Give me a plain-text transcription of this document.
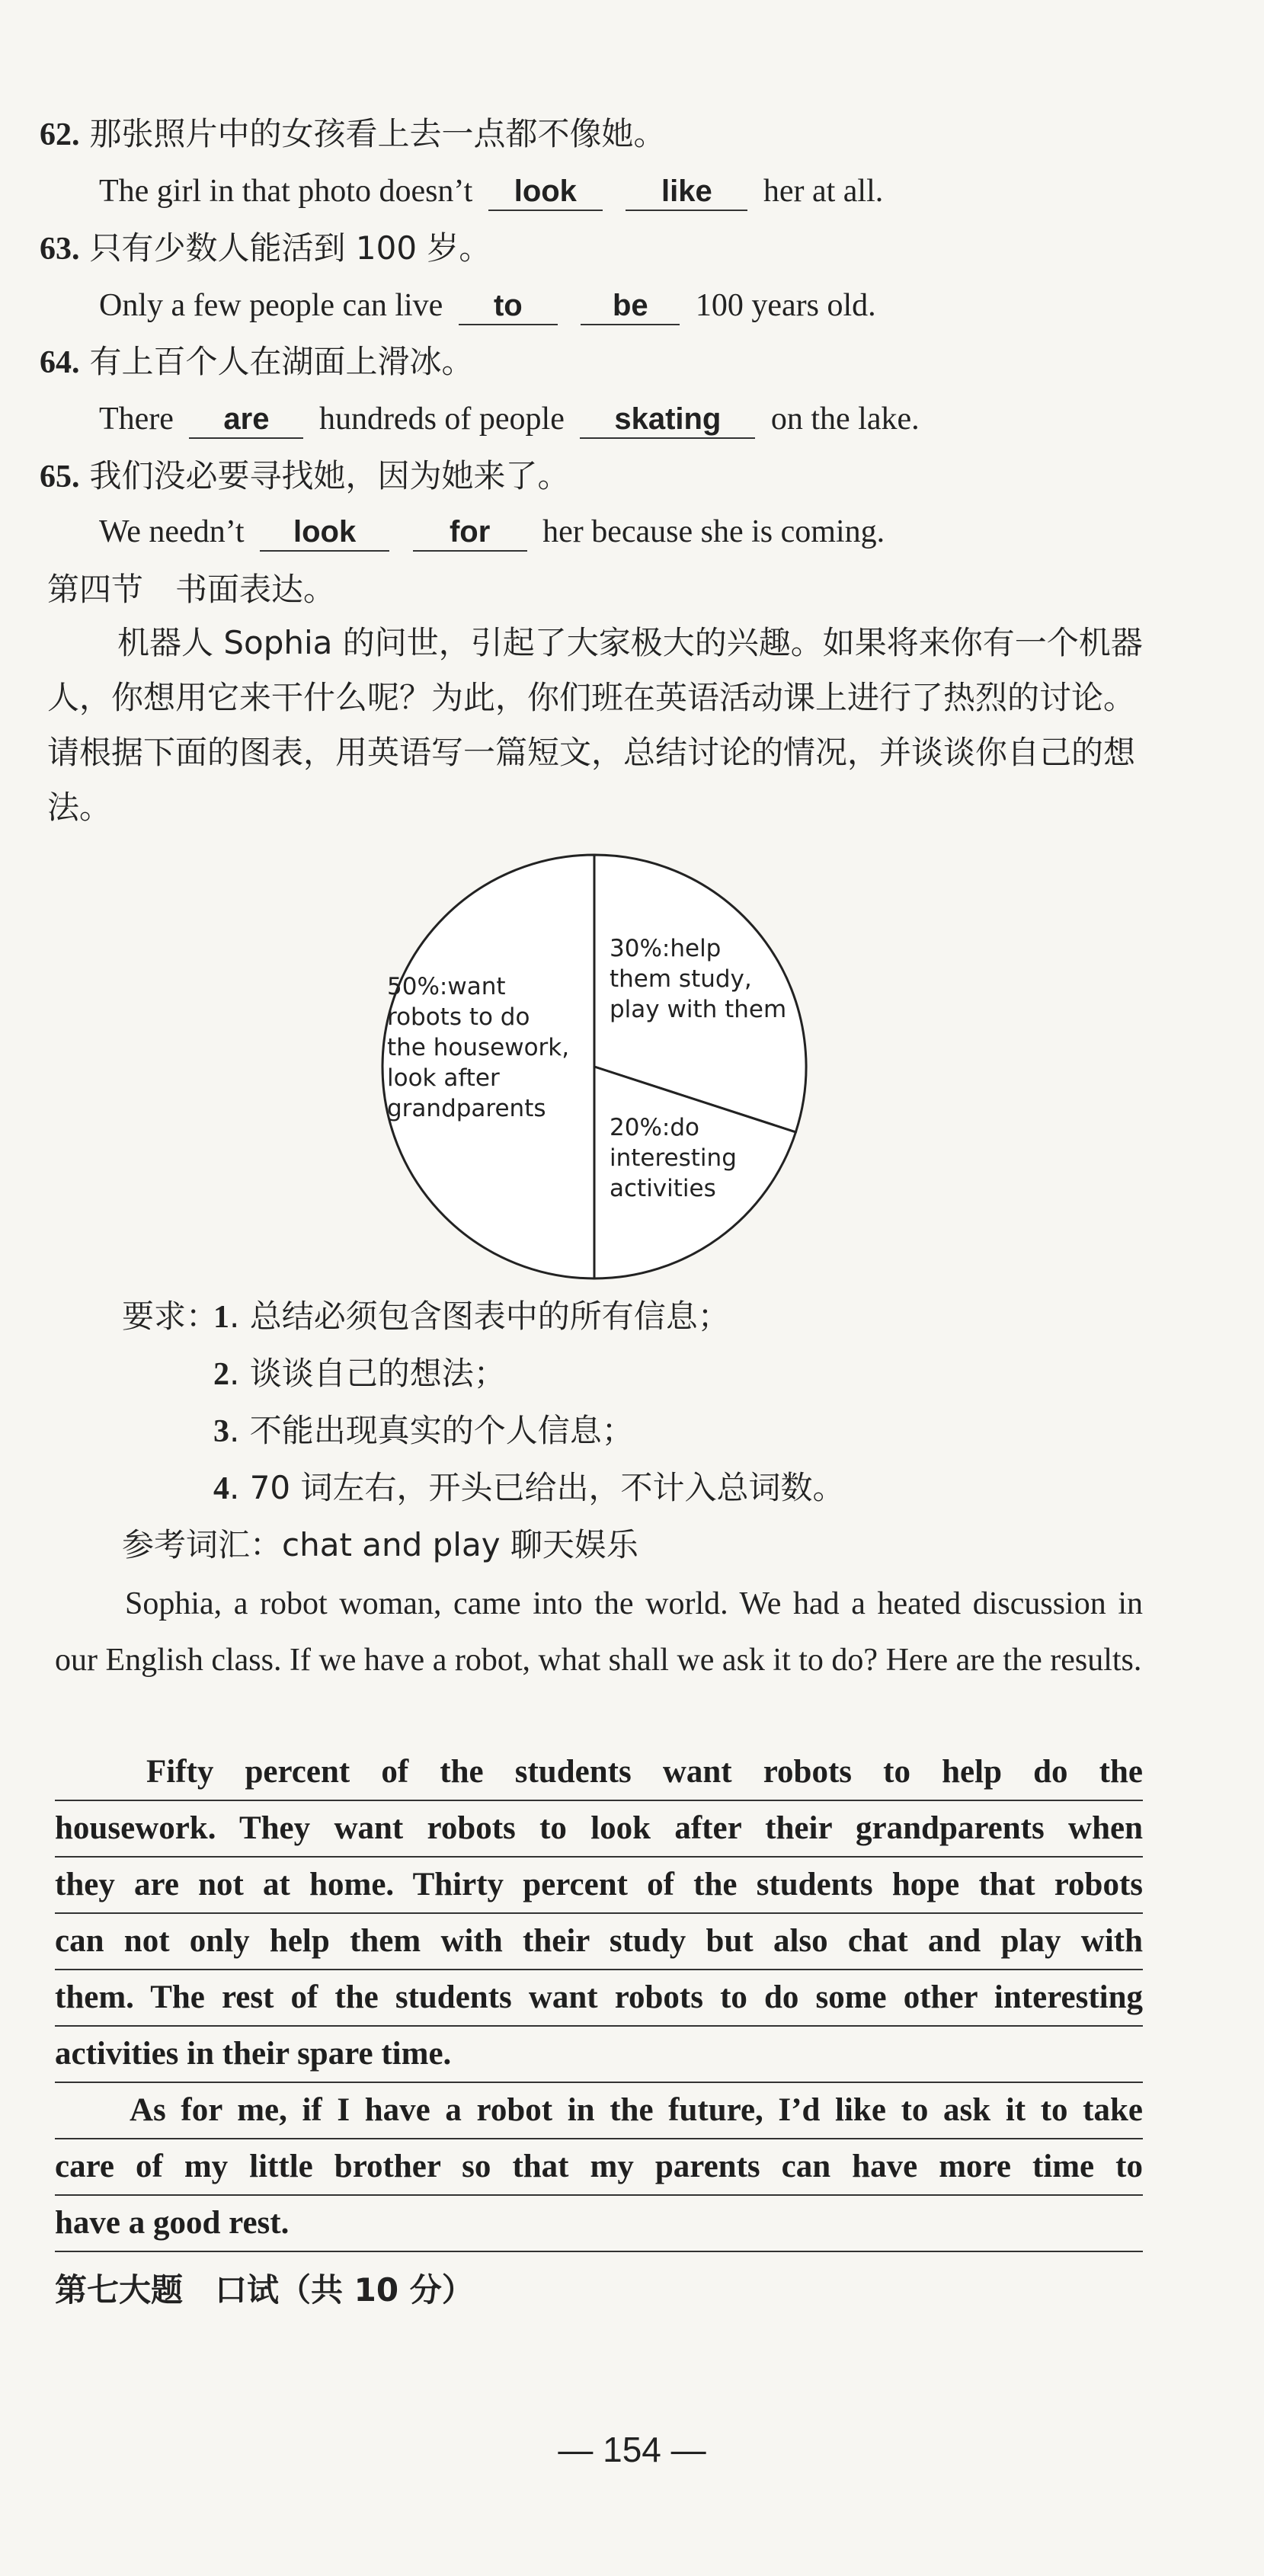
62. 那张照片中的女孩看上去一点都不像她。
The girl in that photo doesn’t look	like her at all.
63. 只有少数人能活到 100 岁。
Only a few people can live to	be 100 years old.
64. 有上百个人在湖面上滑冰。
There are hundreds of people skating on the lake.
65. 我们没必要寻找她，因为她来了。
We needn’t look	for her because she is coming.
第四节　书面表达。
机器人 Sophia 的问世，引起了大家极大的兴趣。如果将来你有一个机器人，你想用它来干什么呢？为此，你们班在英语活动课上进行了热烈的讨论。请根据下面的图表，用英语写一篇短文，总结讨论的情况，并谈谈你自己的想法。
30%:help them study, play with them
20%:do interesting activities
50%:want robots to do the housework, look after grandparents
要求：
1. 总结必须包含图表中的所有信息；
2. 谈谈自己的想法；
3. 不能出现真实的个人信息；
4. 70 词左右，开头已给出，不计入总词数。
参考词汇：chat and play 聊天娱乐
Sophia, a robot woman, came into the world. We had a heated discussion in our English class. If we have a robot, what shall we ask it to do? Here are the results.
Fifty percent of the students want robots to help do the
housework. They want robots to look after their grandparents when
they are not at home. Thirty percent of the students hope that robots
can not only help them with their study but also chat and play with
them. The rest of the students want robots to do some other interesting
activities in their spare time.
As for me, if I have a robot in the future, I’d like to ask it to take
care of my little brother so that my parents can have more time to
have a good rest.
第七大题　口试（共 10 分）
— 154 —
